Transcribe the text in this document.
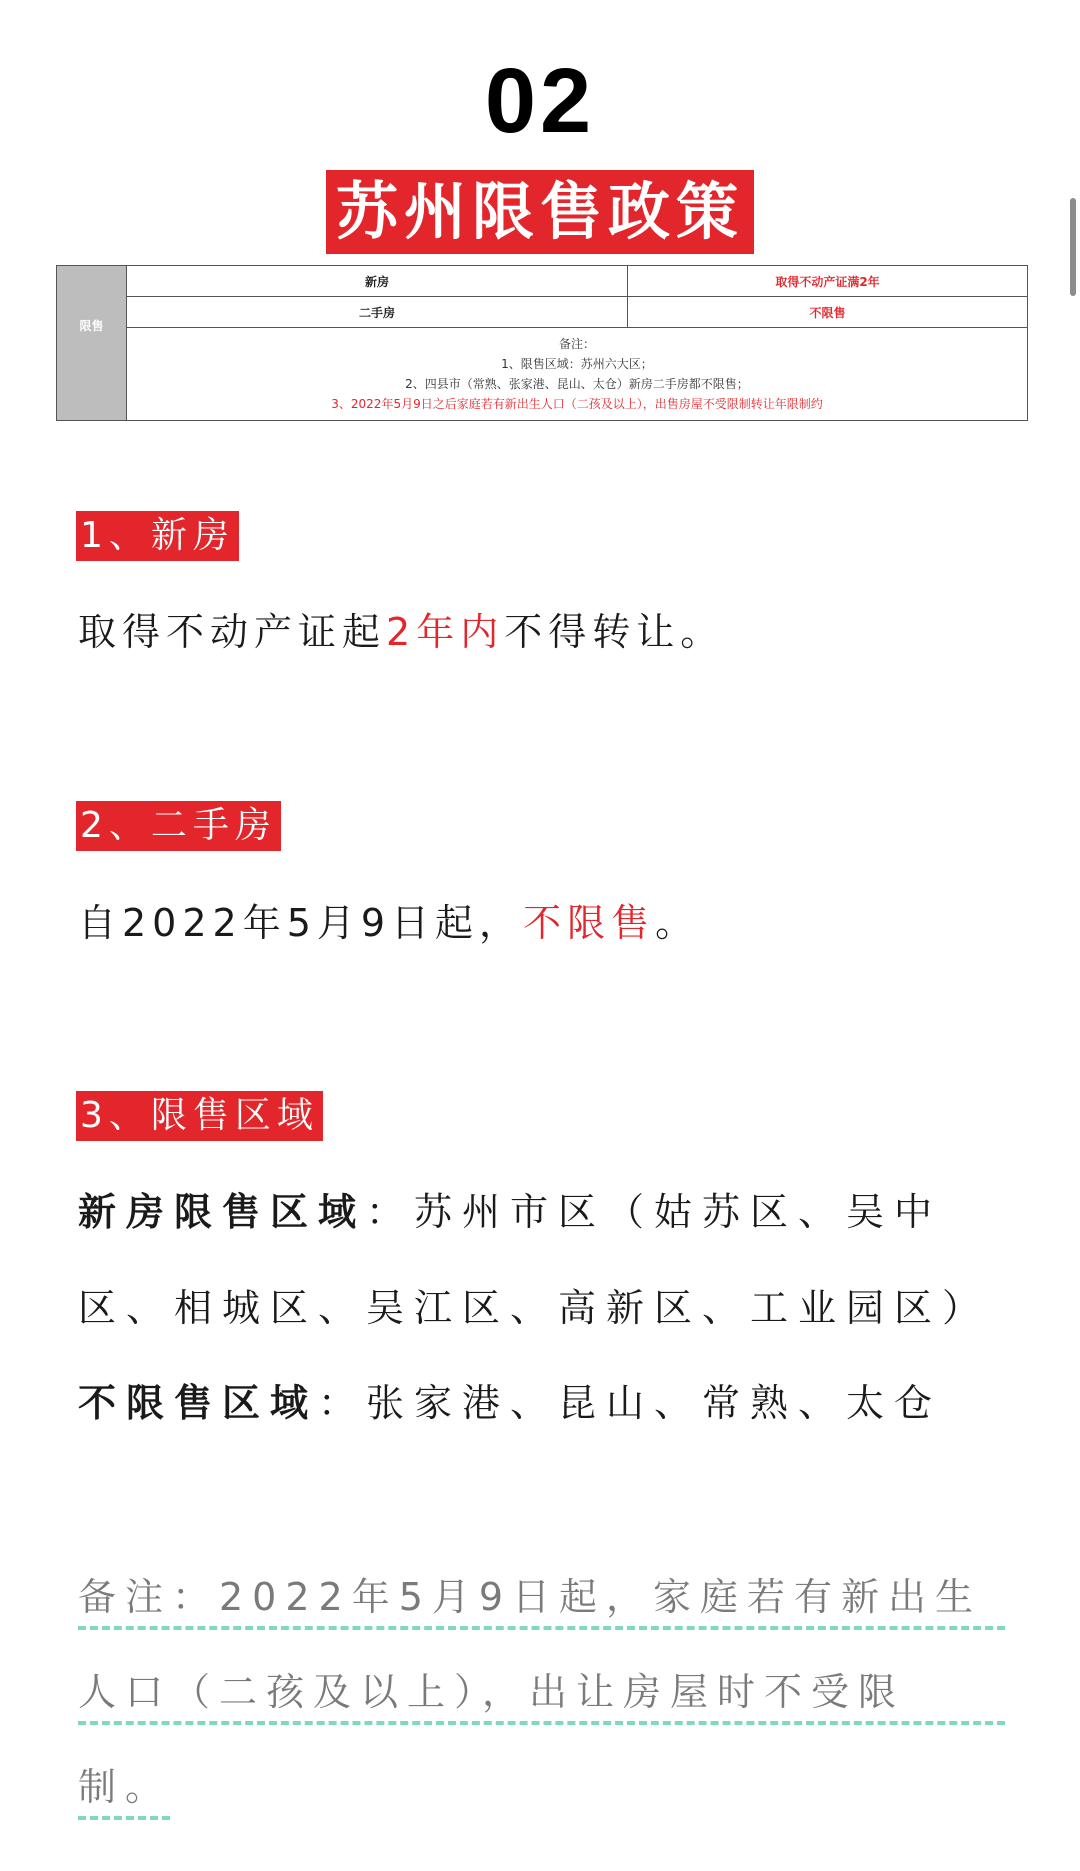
02
苏州限售政策
限售
新房	取得不动产证满2年
二手房	不限售
备注：
1、限售区域：苏州六大区；
2、四县市（常熟、张家港、昆山、太仓）新房二手房都不限售；
3、2022年5月9日之后家庭若有新出生人口（二孩及以上），出售房屋不受限制转让年限制约
1、新房
取得不动产证起2年内不得转让。
2、二手房
自2022年5月9日起，不限售。
3、限售区域
新房限售区域：苏州市区（姑苏区、吴中
区、相城区、吴江区、高新区、工业园区）
不限售区域：张家港、昆山、常熟、太仓
备注：2022年5月9日起，家庭若有新出生
人口（二孩及以上），出让房屋时不受限
制。
